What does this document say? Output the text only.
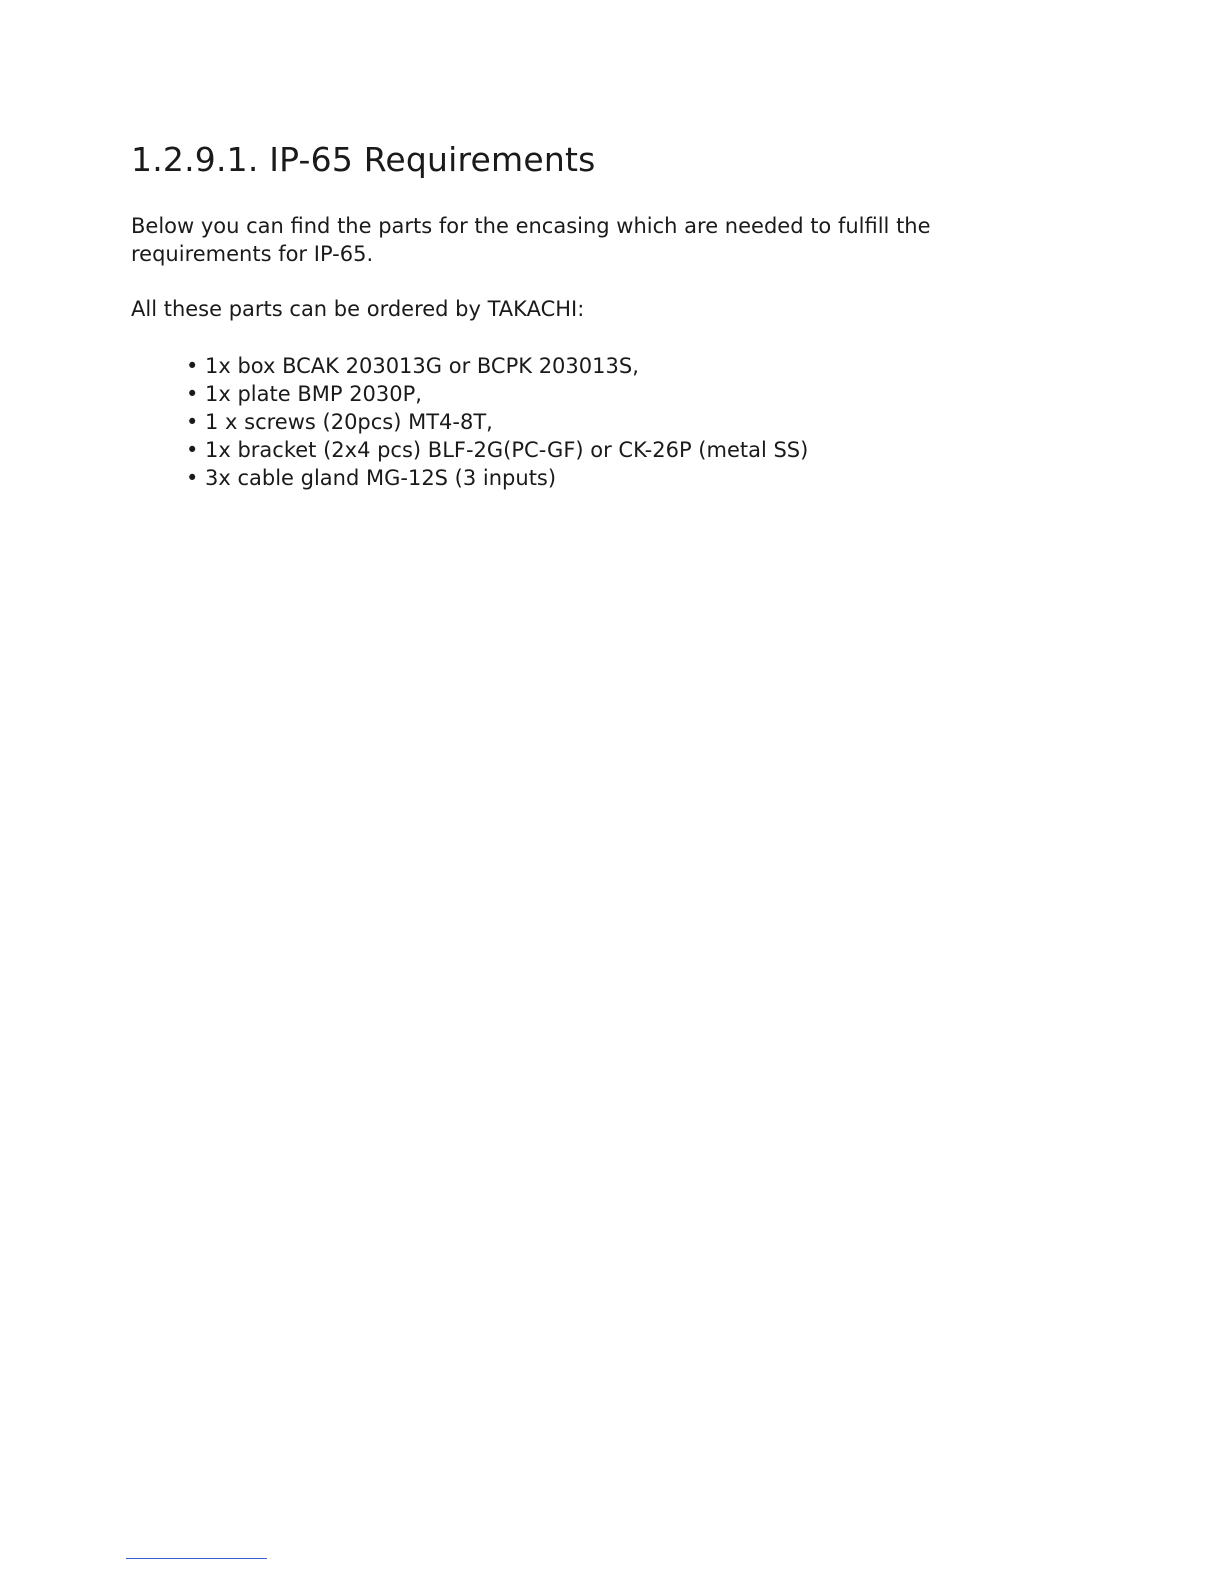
1.2.9.1. IP-65 Requirements

Below you can find the parts for the encasing which are needed to fulfill the requirements for IP-65.

All these parts can be ordered by TAKACHI:

• 1x box BCAK 203013G or BCPK 203013S,
• 1x plate BMP 2030P,
• 1 x screws (20pcs) MT4-8T,
• 1x bracket (2x4 pcs) BLF-2G(PC-GF) or CK-26P (metal SS)
• 3x cable gland MG-12S (3 inputs)
